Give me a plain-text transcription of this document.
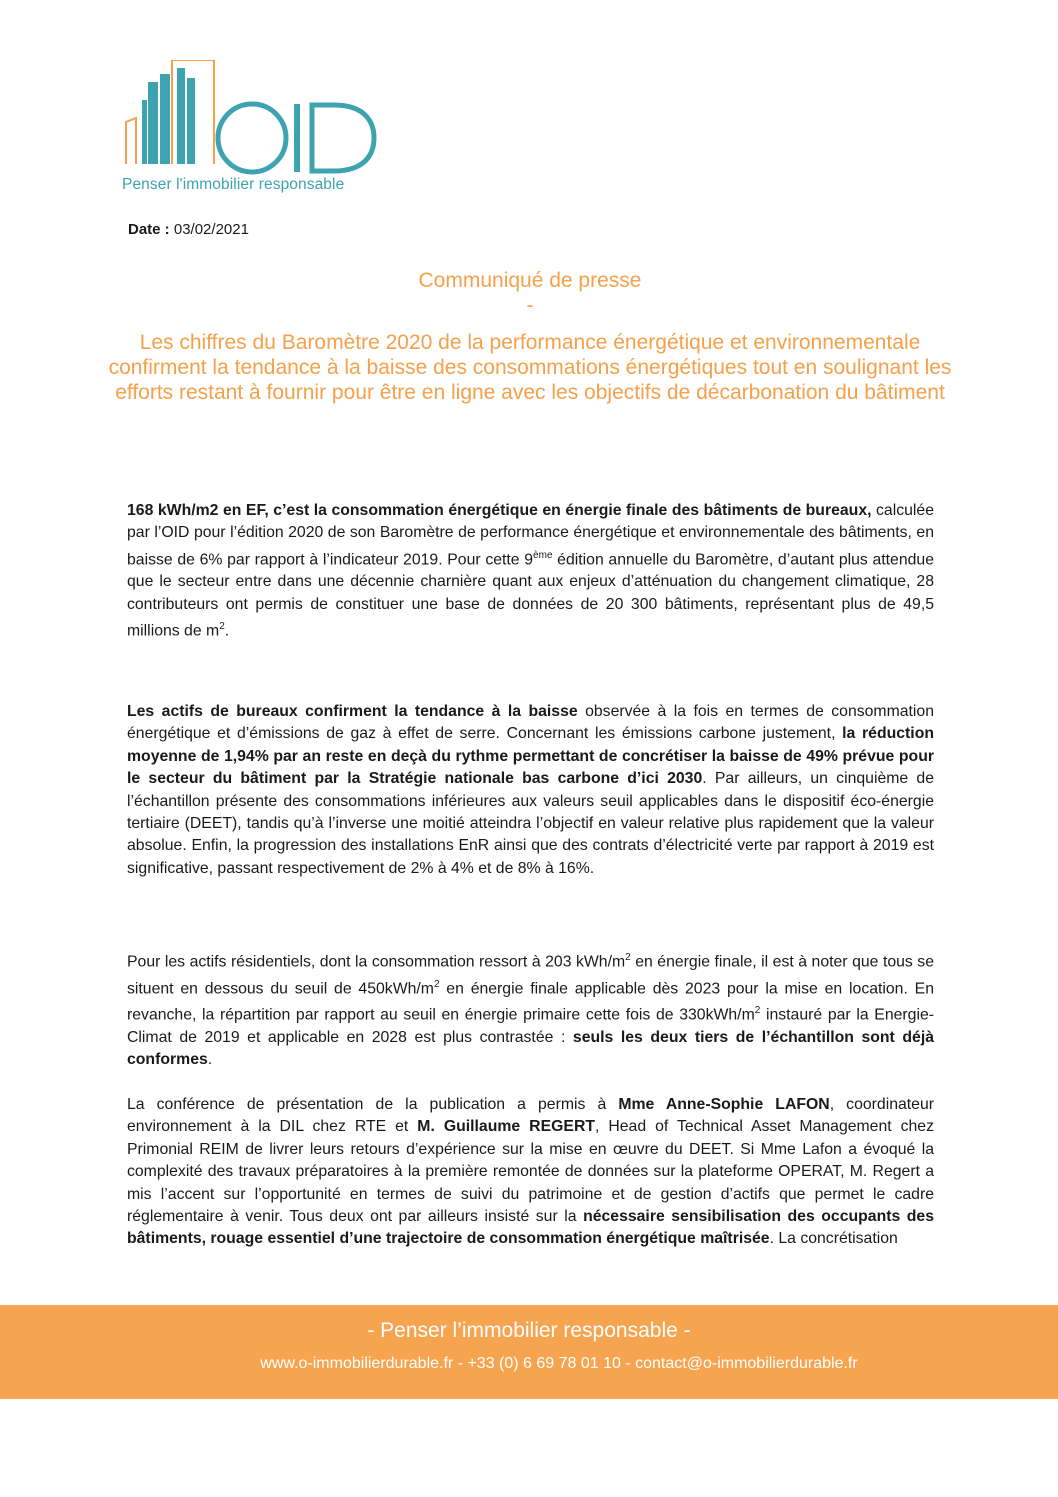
Penser l'immobilier responsable
Date : 03/02/2021
Communiqué de presse
-
Les chiffres du Baromètre 2020 de la performance énergétique et environnementale confirment la tendance à la baisse des consommations énergétiques tout en soulignant les efforts restant à fournir pour être en ligne avec les objectifs de décarbonation du bâtiment
168 kWh/m2 en EF, c’est la consommation énergétique en énergie finale des bâtiments de bureaux, calculée par l’OID pour l’édition 2020 de son Baromètre de performance énergétique et environnementale des bâtiments, en baisse de 6% par rapport à l’indicateur 2019. Pour cette 9ème édition annuelle du Baromètre, d’autant plus attendue que le secteur entre dans une décennie charnière quant aux enjeux d’atténuation du changement climatique, 28 contributeurs ont permis de constituer une base de données de 20 300 bâtiments, représentant plus de 49,5 millions de $m^2$.
Les actifs de bureaux confirment la tendance à la baisse observée à la fois en termes de consommation énergétique et d’émissions de gaz à effet de serre. Concernant les émissions carbone justement, la réduction moyenne de 1,94% par an reste en deçà du rythme permettant de concrétiser la baisse de 49% prévue pour le secteur du bâtiment par la Stratégie nationale bas carbone d’ici 2030. Par ailleurs, un cinquième de l’échantillon présente des consommations inférieures aux valeurs seuil applicables dans le dispositif éco-énergie tertiaire (DEET), tandis qu’à l’inverse une moitié atteindra l’objectif en valeur relative plus rapidement que la valeur absolue. Enfin, la progression des installations EnR ainsi que des contrats d’électricité verte par rapport à 2019 est significative, passant respectivement de 2% à 4% et de 8% à 16%.
Pour les actifs résidentiels, dont la consommation ressort à 203 kWh/$m^2$ en énergie finale, il est à noter que tous se situent en dessous du seuil de $450kWh/m^2$ en énergie finale applicable dès 2023 pour la mise en location. En revanche, la répartition par rapport au seuil en énergie primaire cette fois de $330kWh/m^2$ instauré par la Energie-Climat de 2019 et applicable en 2028 est plus contrastée : seuls les deux tiers de l’échantillon sont déjà conformes.
La conférence de présentation de la publication a permis à Mme Anne-Sophie LAFON, coordinateur environnement à la DIL chez RTE et M. Guillaume REGERT, Head of Technical Asset Management chez Primonial REIM de livrer leurs retours d’expérience sur la mise en œuvre du DEET. Si Mme Lafon a évoqué la complexité des travaux préparatoires à la première remontée de données sur la plateforme OPERAT, M. Regert a mis l’accent sur l’opportunité en termes de suivi du patrimoine et de gestion d’actifs que permet le cadre réglementaire à venir. Tous deux ont par ailleurs insisté sur la nécessaire sensibilisation des occupants des bâtiments, rouage essentiel d’une trajectoire de consommation énergétique maîtrisée. La concrétisation
- Penser l’immobilier responsable -
www.o-immobilierdurable.fr - +33 (0) 6 69 78 01 10 - contact@o-immobilierdurable.fr
